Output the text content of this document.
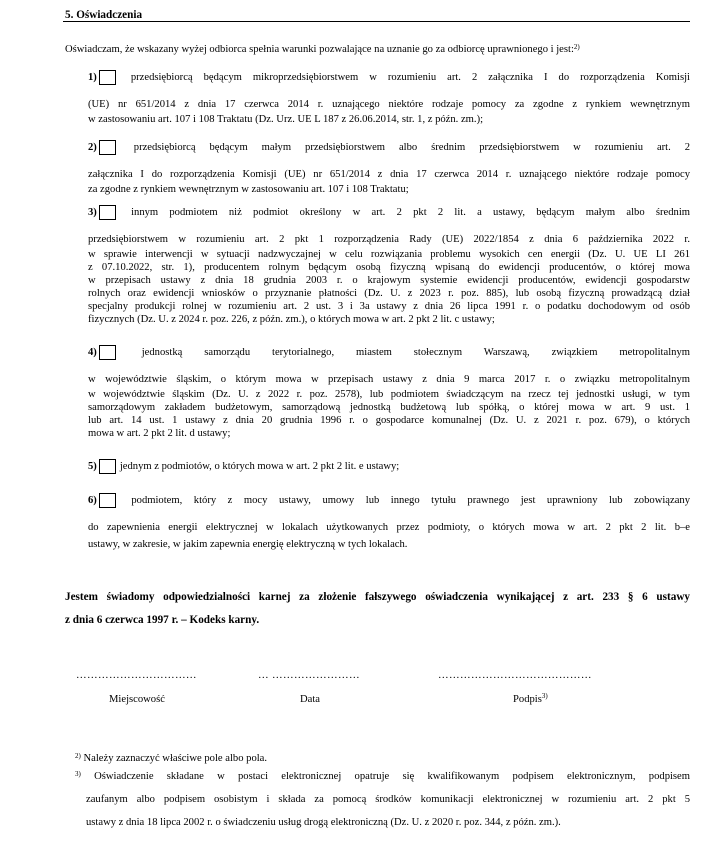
5. Oświadczenia
Oświadczam, że wskazany wyżej odbiorca spełnia warunki pozwalające na uznanie go za odbiorcę uprawnionego i jest:$^{2)}$
1)	przedsiębiorcą będącym mikroprzedsiębiorstwem w rozumieniu art. 2 załącznika I do rozporządzenia Komisji
(UE) nr 651/2014 z dnia 17 czerwca 2014 r. uznającego niektóre rodzaje pomocy za zgodne z rynkiem wewnętrznym
w zastosowaniu art. 107 i 108 Traktatu (Dz. Urz. UE L 187 z 26.06.2014, str. 1, z późn. zm.);
2)	przedsiębiorcą będącym małym przedsiębiorstwem albo średnim przedsiębiorstwem w rozumieniu art. 2
załącznika I do rozporządzenia Komisji (UE) nr 651/2014 z dnia 17 czerwca 2014 r. uznającego niektóre rodzaje pomocy
za zgodne z rynkiem wewnętrznym w zastosowaniu art. 107 i 108 Traktatu;
3)	innym podmiotem niż podmiot określony w art. 2 pkt 2 lit. a ustawy, będącym małym albo średnim
przedsiębiorstwem w rozumieniu art. 2 pkt 1 rozporządzenia Rady (UE) 2022/1854 z dnia 6 października 2022 r.
w sprawie interwencji w sytuacji nadzwyczajnej w celu rozwiązania problemu wysokich cen energii (Dz. U. UE LI 261
z 07.10.2022, str. 1), producentem rolnym będącym osobą fizyczną wpisaną do ewidencji producentów, o której mowa
w przepisach ustawy z dnia 18 grudnia 2003 r. o krajowym systemie ewidencji producentów, ewidencji gospodarstw
rolnych oraz ewidencji wniosków o przyznanie płatności (Dz. U. z 2023 r. poz. 885), lub osobą fizyczną prowadzącą dział
specjalny produkcji rolnej w rozumieniu art. 2 ust. 3 i 3a ustawy z dnia 26 lipca 1991 r. o podatku dochodowym od osób
fizycznych (Dz. U. z 2024 r. poz. 226, z późn. zm.), o których mowa w art. 2 pkt 2 lit. c ustawy;
4)	jednostką samorządu terytorialnego, miastem stołecznym Warszawą, związkiem metropolitalnym
w województwie śląskim, o którym mowa w przepisach ustawy z dnia 9 marca 2017 r. o związku metropolitalnym
w województwie śląskim (Dz. U. z 2022 r. poz. 2578), lub podmiotem świadczącym na rzecz tej jednostki usługi, w tym
samorządowym zakładem budżetowym, samorządową jednostką budżetową lub spółką, o której mowa w art. 9 ust. 1
lub art. 14 ust. 1 ustawy z dnia 20 grudnia 1996 r. o gospodarce komunalnej (Dz. U. z 2021 r. poz. 679), o których
mowa w art. 2 pkt 2 lit. d ustawy;
5) jednym z podmiotów, o których mowa w art. 2 pkt 2 lit. e ustawy;
6)	podmiotem, który z mocy ustawy, umowy lub innego tytułu prawnego jest uprawniony lub zobowiązany
do zapewnienia energii elektrycznej w lokalach użytkowanych przez podmioty, o których mowa w art. 2 pkt 2 lit. b–e
ustawy, w zakresie, w jakim zapewnia energię elektryczną w tych lokalach.
Jestem świadomy odpowiedzialności karnej za złożenie fałszywego oświadczenia wynikającej z art. 233 § 6 ustawy
z dnia 6 czerwca 1997 r. – Kodeks karny.
……………………………	… ……………………	……………………………………
Miejscowość	Data	Podpis$^{3)}$
$^{2)}$ Należy zaznaczyć właściwe pole albo pola.
$^{3)}$ Oświadczenie składane w postaci elektronicznej opatruje się kwalifikowanym podpisem elektronicznym, podpisem
zaufanym albo podpisem osobistym i składa za pomocą środków komunikacji elektronicznej w rozumieniu art. 2 pkt 5
ustawy z dnia 18 lipca 2002 r. o świadczeniu usług drogą elektroniczną (Dz. U. z 2020 r. poz. 344, z późn. zm.).
